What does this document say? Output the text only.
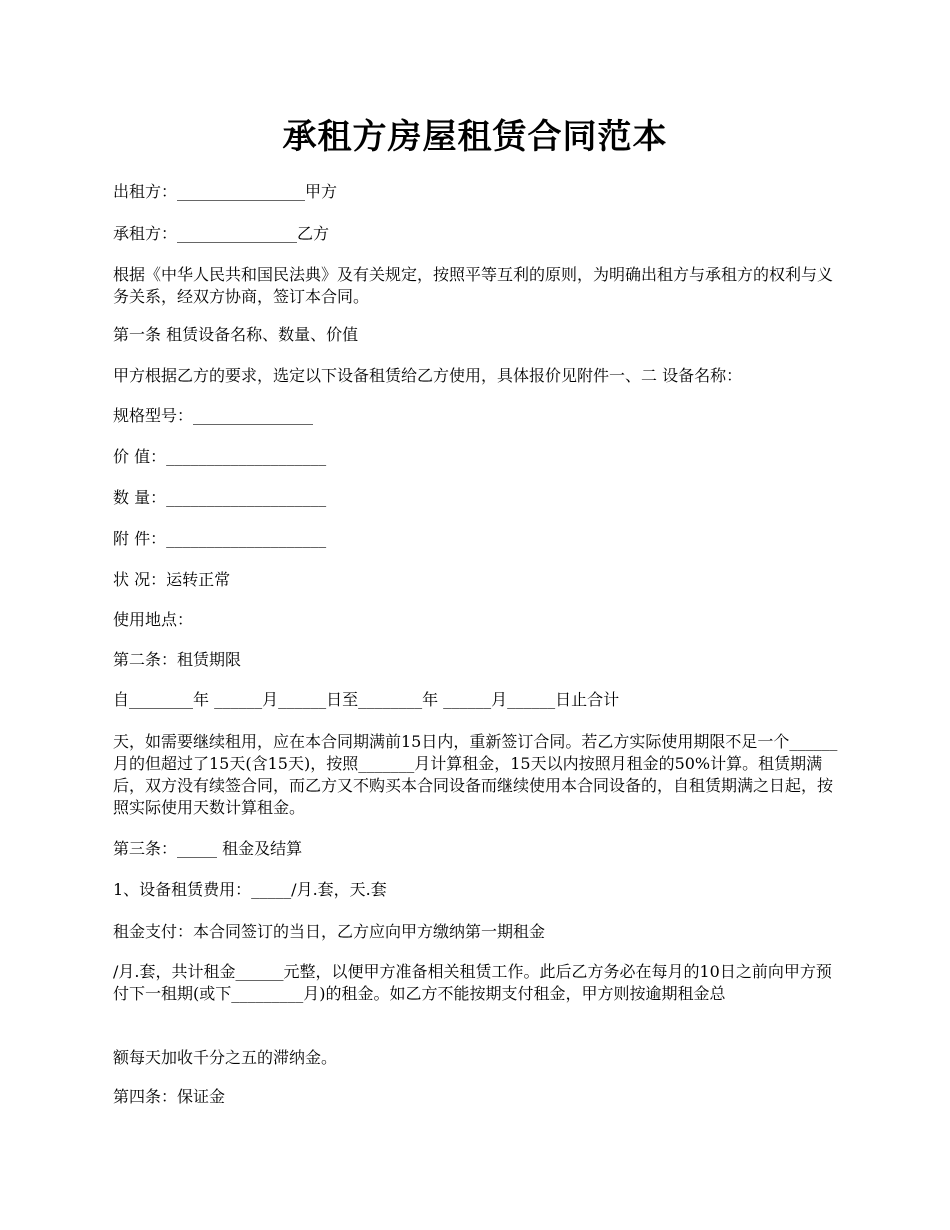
承租方房屋租赁合同范本
出租方：________________甲方
承租方：_______________乙方
根据《中华人民共和国民法典》及有关规定，按照平等互利的原则，为明确出租方与承租方的权利与义务关系，经双方协商，签订本合同。
第一条 租赁设备名称、数量、价值
甲方根据乙方的要求，选定以下设备租赁给乙方使用，具体报价见附件一、二 设备名称：
规格型号：_______________
价 值：____________________
数 量：____________________
附 件：____________________
状 况：运转正常
使用地点：
第二条：租赁期限
自________年 ______月______日至________年 ______月______日止合计
天，如需要继续租用，应在本合同期满前15日内，重新签订合同。若乙方实际使用期限不足一个______月的但超过了15天(含15天)，按照_______月计算租金，15天以内按照月租金的50%计算。租赁期满后，双方没有续签合同，而乙方又不购买本合同设备而继续使用本合同设备的，自租赁期满之日起，按照实际使用天数计算租金。
第三条：_____ 租金及结算
1、设备租赁费用：_____/月.套，天.套
租金支付：本合同签订的当日，乙方应向甲方缴纳第一期租金
/月.套，共计租金______元整，以便甲方准备相关租赁工作。此后乙方务必在每月的10日之前向甲方预付下一租期(或下_________月)的租金。如乙方不能按期支付租金，甲方则按逾期租金总
额每天加收千分之五的滞纳金。
第四条：保证金
